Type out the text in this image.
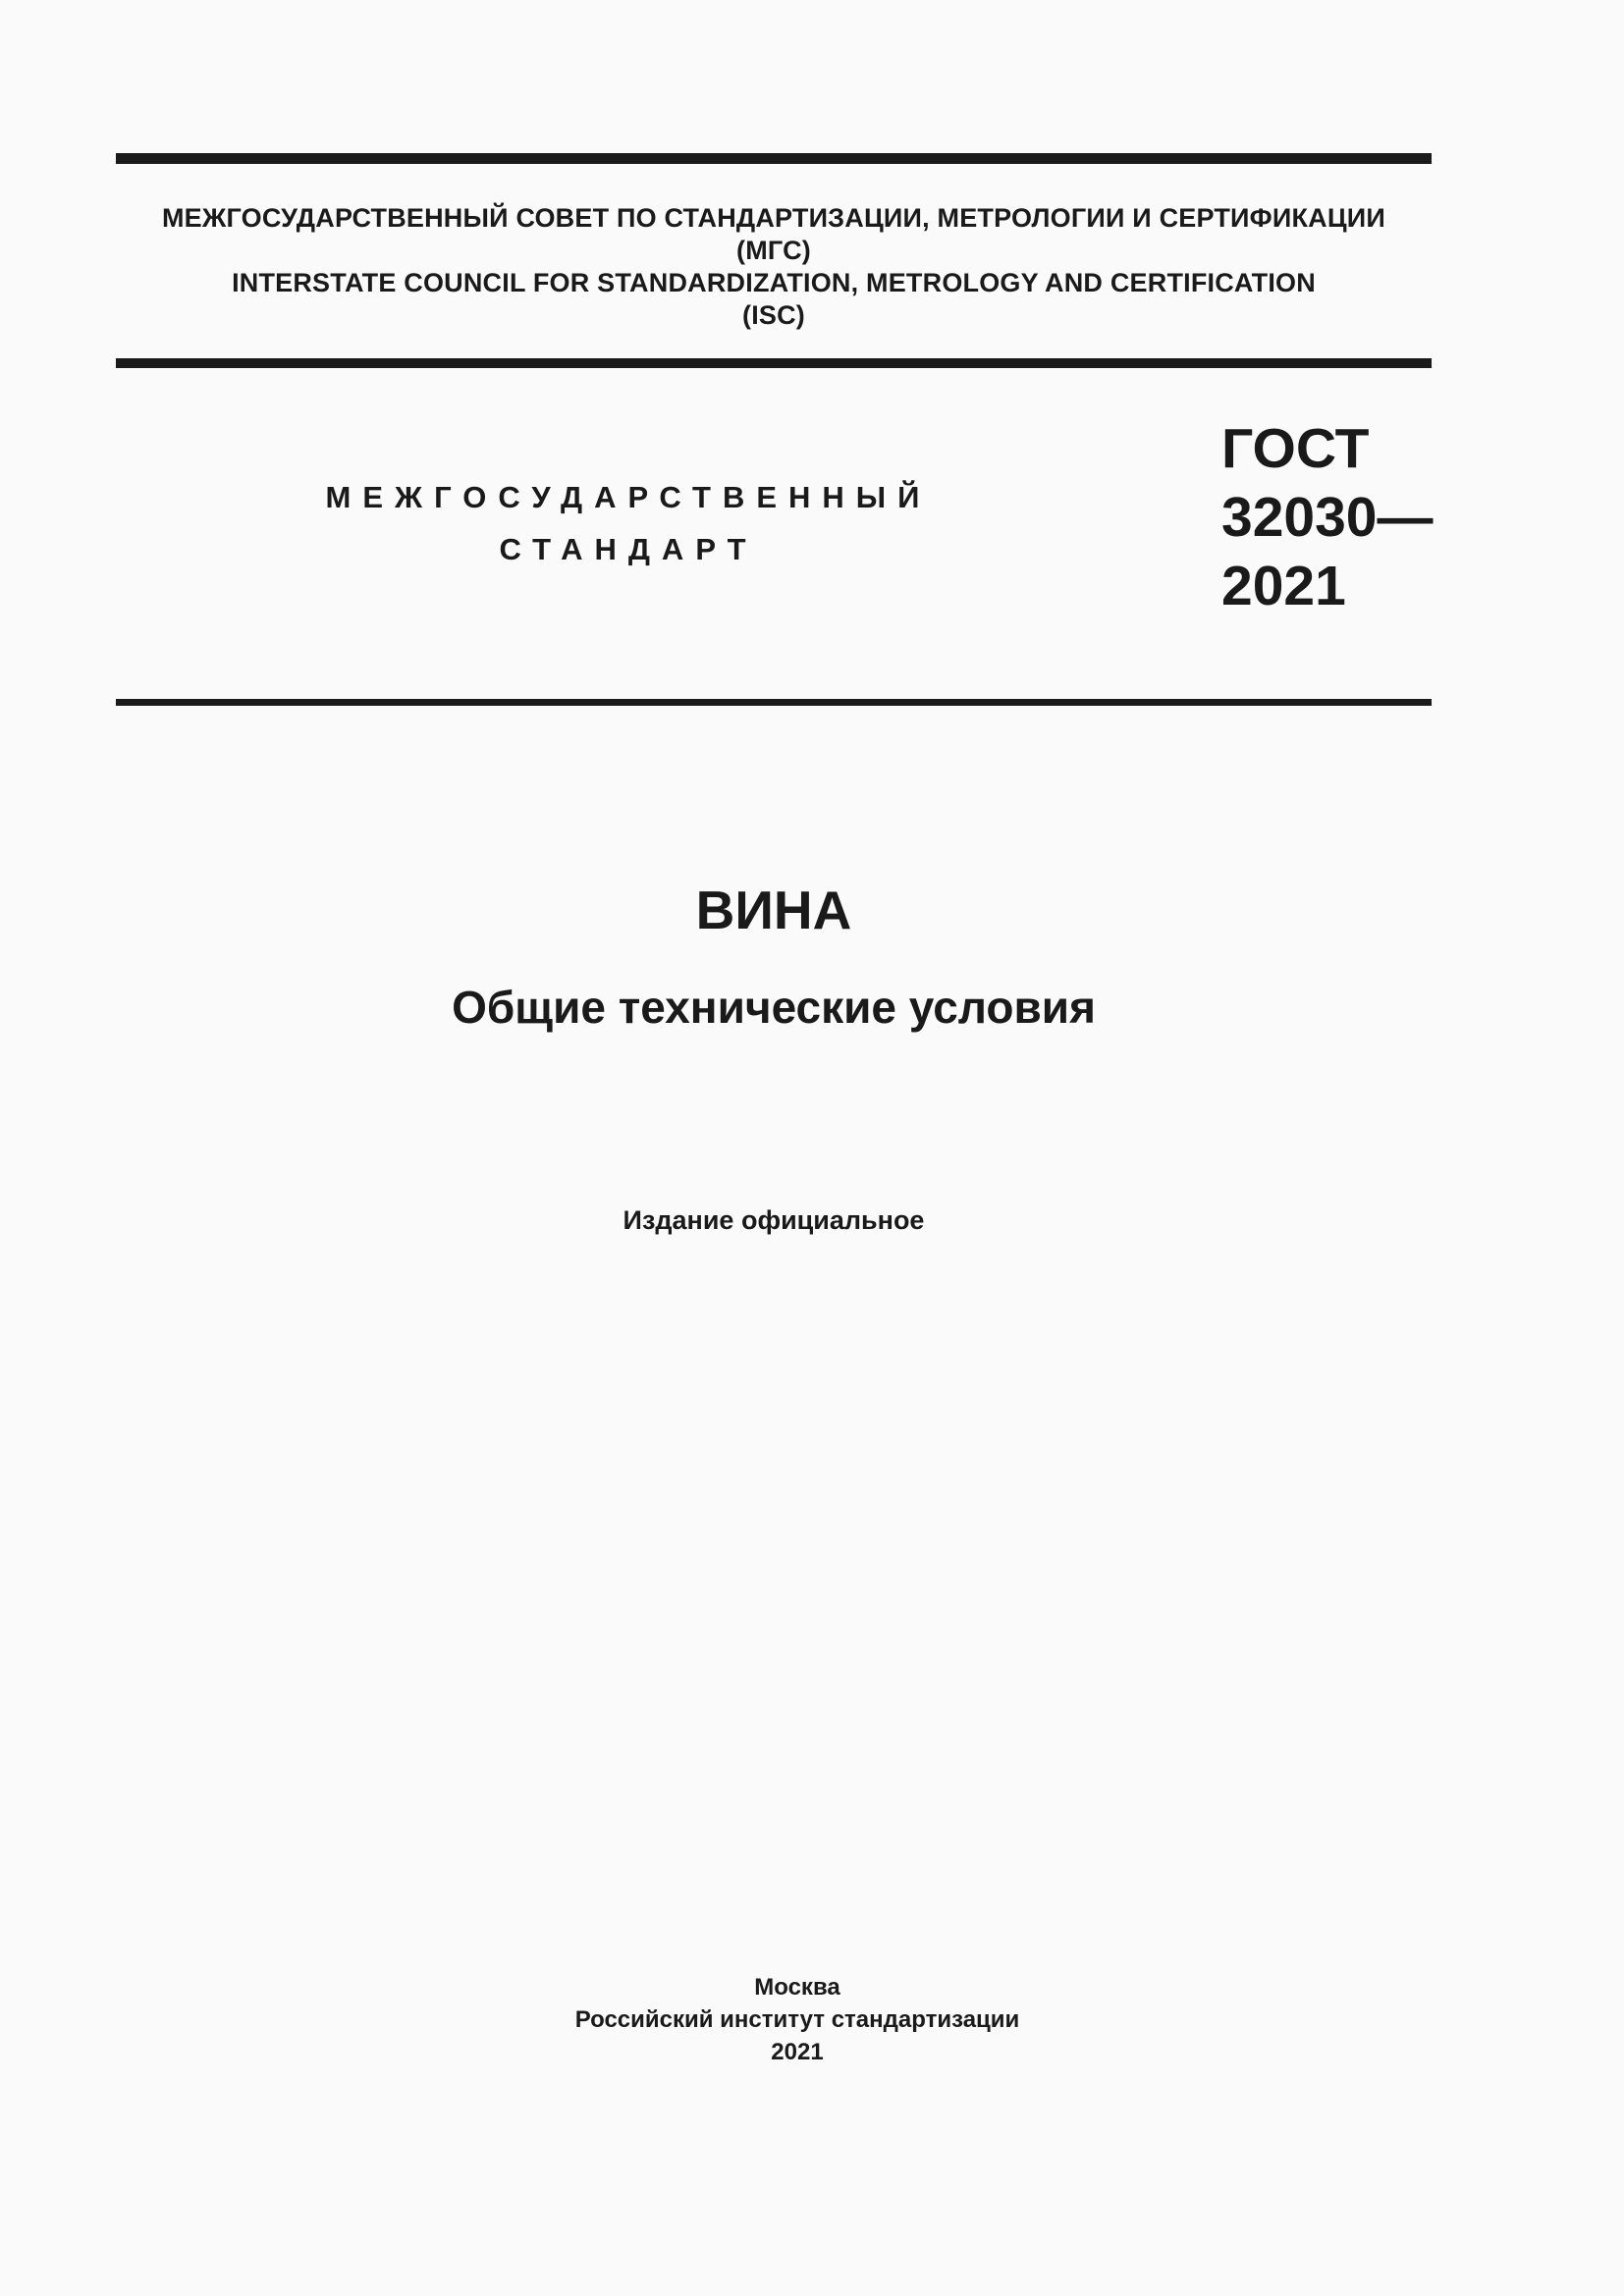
МЕЖГОСУДАРСТВЕННЫЙ СОВЕТ ПО СТАНДАРТИЗАЦИИ, МЕТРОЛОГИИ И СЕРТИФИКАЦИИ
(МГС)
INTERSTATE COUNCIL FOR STANDARDIZATION, METROLOGY AND CERTIFICATION
(ISC)
МЕЖГОСУДАРСТВЕННЫЙ
СТАНДАРТ
ГОСТ
32030—
2021
ВИНА
Общие технические условия
Издание официальное
Москва
Российский институт стандартизации
2021
